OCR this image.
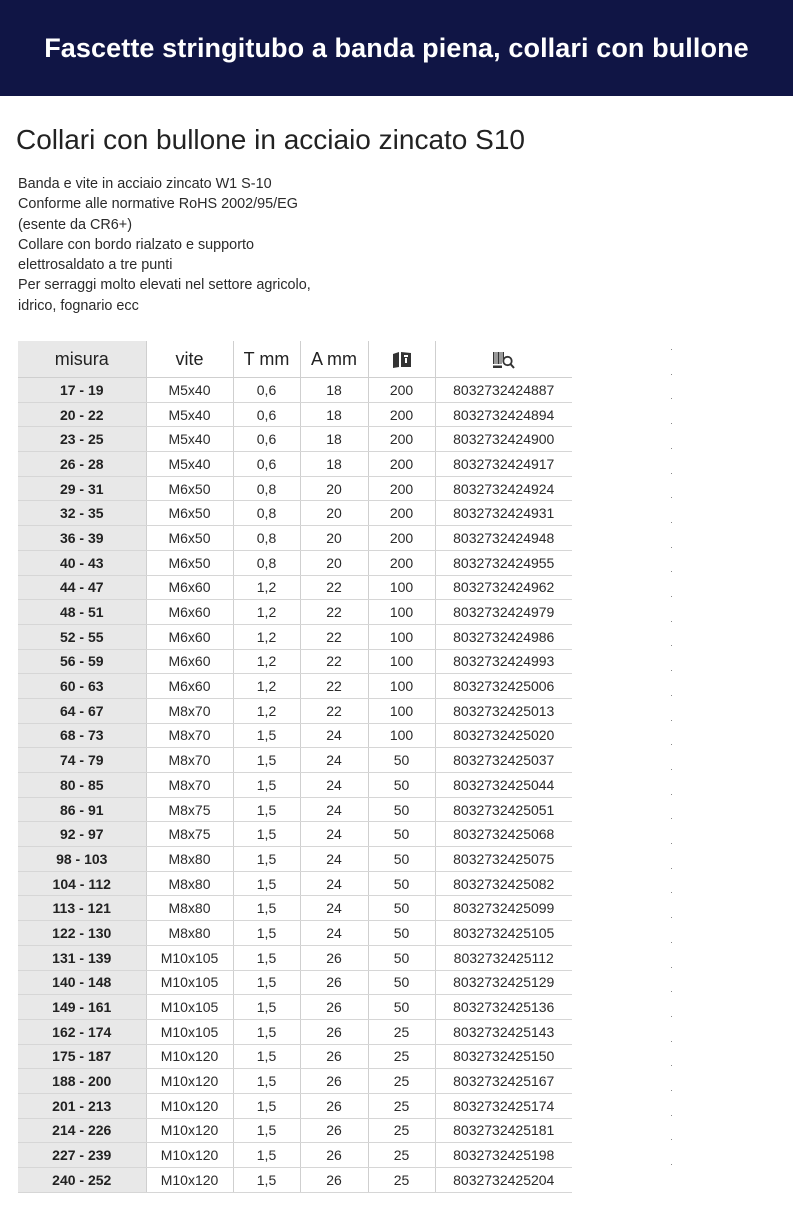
Fascette stringitubo a banda piena, collari con bullone
Collari con bullone in acciaio zincato S10
Banda e vite in acciaio zincato W1 S-10
Conforme alle normative RoHS 2002/95/EG
(esente da CR6+)
Collare con bordo rialzato e supporto
elettrosaldato a tre punti
Per serraggi molto elevati nel settore agricolo,
idrico, fognario ecc
misura	vite	T mm	A mm		
17 - 19	M5x40	0,6	18	200	8032732424887
20 - 22	M5x40	0,6	18	200	8032732424894
23 - 25	M5x40	0,6	18	200	8032732424900
26 - 28	M5x40	0,6	18	200	8032732424917
29 - 31	M6x50	0,8	20	200	8032732424924
32 - 35	M6x50	0,8	20	200	8032732424931
36 - 39	M6x50	0,8	20	200	8032732424948
40 - 43	M6x50	0,8	20	200	8032732424955
44 - 47	M6x60	1,2	22	100	8032732424962
48 - 51	M6x60	1,2	22	100	8032732424979
52 - 55	M6x60	1,2	22	100	8032732424986
56 - 59	M6x60	1,2	22	100	8032732424993
60 - 63	M6x60	1,2	22	100	8032732425006
64 - 67	M8x70	1,2	22	100	8032732425013
68 - 73	M8x70	1,5	24	100	8032732425020
74 - 79	M8x70	1,5	24	50	8032732425037
80 - 85	M8x70	1,5	24	50	8032732425044
86 - 91	M8x75	1,5	24	50	8032732425051
92 - 97	M8x75	1,5	24	50	8032732425068
98 - 103	M8x80	1,5	24	50	8032732425075
104 - 112	M8x80	1,5	24	50	8032732425082
113 - 121	M8x80	1,5	24	50	8032732425099
122 - 130	M8x80	1,5	24	50	8032732425105
131 - 139	M10x105	1,5	26	50	8032732425112
140 - 148	M10x105	1,5	26	50	8032732425129
149 - 161	M10x105	1,5	26	50	8032732425136
162 - 174	M10x105	1,5	26	25	8032732425143
175 - 187	M10x120	1,5	26	25	8032732425150
188 - 200	M10x120	1,5	26	25	8032732425167
201 - 213	M10x120	1,5	26	25	8032732425174
214 - 226	M10x120	1,5	26	25	8032732425181
227 - 239	M10x120	1,5	26	25	8032732425198
240 - 252	M10x120	1,5	26	25	8032732425204
